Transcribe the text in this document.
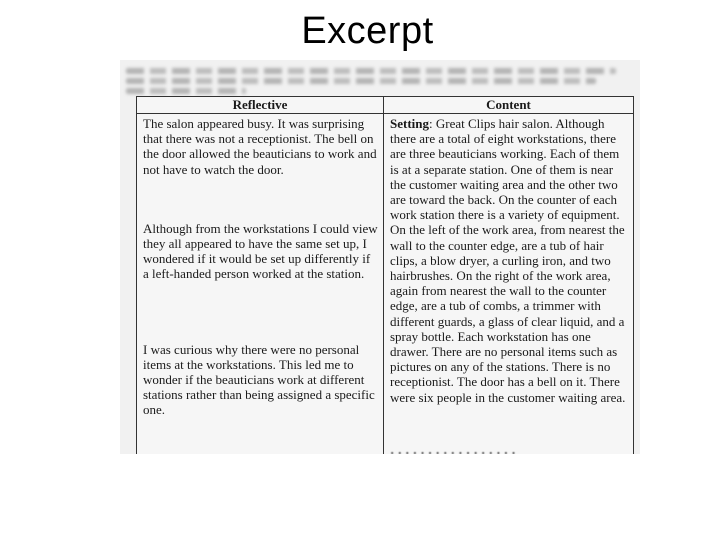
Excerpt
Reflective

The salon appeared busy. It was surprising that there was not a receptionist. The bell on the door allowed the beauticians to work and not have to watch the door.

Although from the workstations I could view they all appeared to have the same set up, I wondered if it would be set up differently if a left-handed person worked at the station.

I was curious why there were no personal items at the workstations. This led me to wonder if the beauticians work at different stations rather than being assigned a specific one.

Content

Setting: Great Clips hair salon. Although there are a total of eight workstations, there are three beauticians working. Each of them is at a separate station. One of them is near the customer waiting area and the other two are toward the back. On the counter of each work station there is a variety of equipment. On the left of the work area, from nearest the wall to the counter edge, are a tub of hair clips, a blow dryer, a curling iron, and two hairbrushes. On the right of the work area, again from nearest the wall to the counter edge, are a tub of combs, a trimmer with different guards, a glass of clear liquid, and a spray bottle. Each workstation has one drawer. There are no personal items such as pictures on any of the stations. There is no receptionist. The door has a bell on it. There were six people in the customer waiting area.

· · · · · · · · · · · · · · · · ·
